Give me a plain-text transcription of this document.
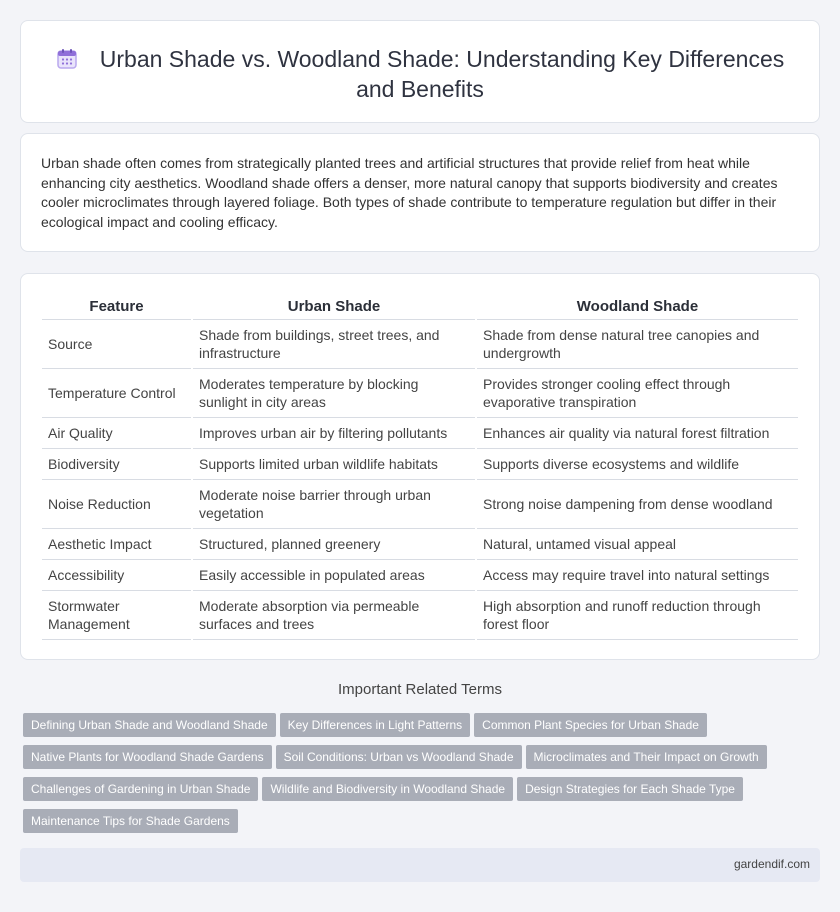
Urban Shade vs. Woodland Shade: Understanding Key Differences and Benefits

Urban shade often comes from strategically planted trees and artificial structures that provide relief from heat while enhancing city aesthetics. Woodland shade offers a denser, more natural canopy that supports biodiversity and creates cooler microclimates through layered foliage. Both types of shade contribute to temperature regulation but differ in their ecological impact and cooling efficacy.

Feature	Urban Shade	Woodland Shade
Source	Shade from buildings, street trees, and infrastructure	Shade from dense natural tree canopies and undergrowth
Temperature Control	Moderates temperature by blocking sunlight in city areas	Provides stronger cooling effect through evaporative transpiration
Air Quality	Improves urban air by filtering pollutants	Enhances air quality via natural forest filtration
Biodiversity	Supports limited urban wildlife habitats	Supports diverse ecosystems and wildlife
Noise Reduction	Moderate noise barrier through urban vegetation	Strong noise dampening from dense woodland
Aesthetic Impact	Structured, planned greenery	Natural, untamed visual appeal
Accessibility	Easily accessible in populated areas	Access may require travel into natural settings
Stormwater Management	Moderate absorption via permeable surfaces and trees	High absorption and runoff reduction through forest floor
Important Related Terms
Defining Urban Shade and Woodland Shade Key Differences in Light Patterns Common Plant Species for Urban Shade
Native Plants for Woodland Shade Gardens Soil Conditions: Urban vs Woodland Shade Microclimates and Their Impact on Growth
Challenges of Gardening in Urban Shade Wildlife and Biodiversity in Woodland Shade Design Strategies for Each Shade Type
Maintenance Tips for Shade Gardens
gardendif.com
